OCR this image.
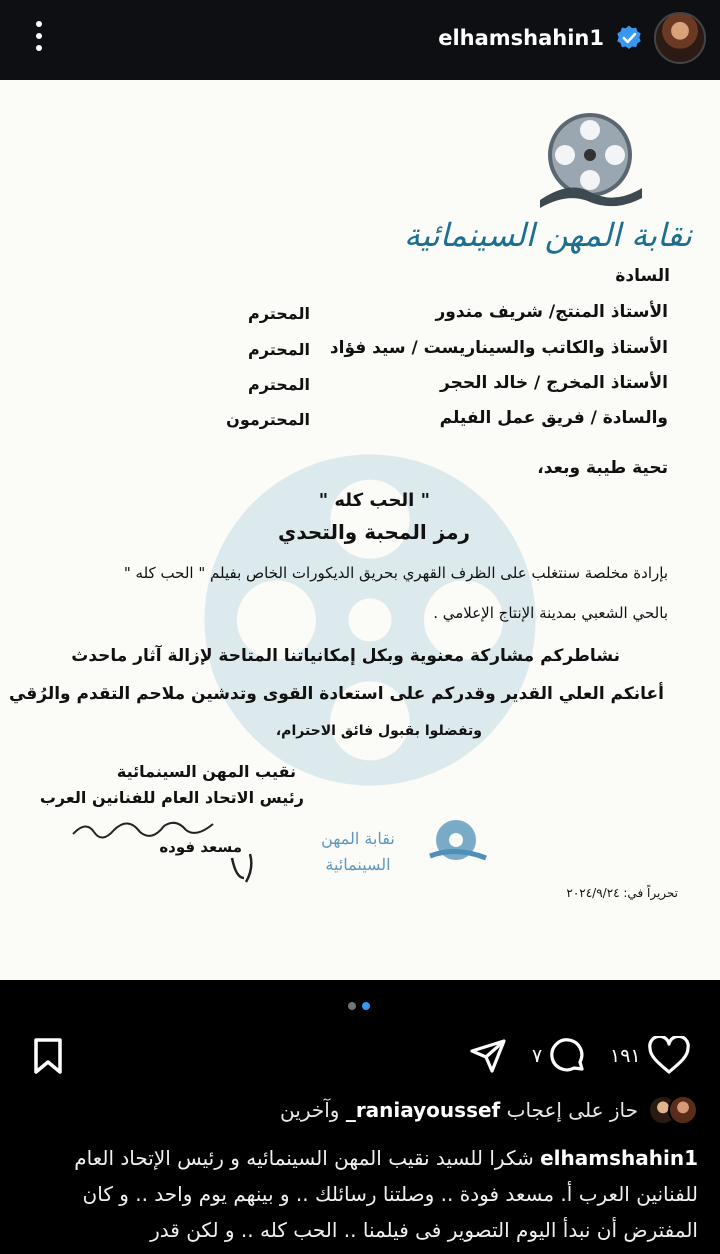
elhamshahin1
نقابة المهن السينمائية
السادة
الأستاذ المنتج/ شريف مندور
المحترم
الأستاذ والكاتب والسيناريست / سيد فؤاد
المحترم
الأستاذ المخرج / خالد الحجر
المحترم
والسادة / فريق عمل الفيلم
المحترمون
تحية طيبة وبعد،
" الحب كله "
رمز المحبة والتحدي
بإرادة مخلصة سنتغلب على الظرف القهري بحريق الديكورات الخاص بفيلم " الحب كله "
بالحي الشعبي بمدينة الإنتاج الإعلامي .
نشاطركم مشاركة معنوية وبكل إمكانياتنا المتاحة لإزالة آثار ماحدث
أعانكم العلي القدير وقدركم على استعادة القوى وتدشين ملاحم التقدم والرُقي
وتفضلوا بقبول فائق الاحترام،
نقيب المهن السينمائية
رئيس الاتحاد العام للفنانين العرب
مسعد فوده	نقابة المهن السينمائية
تحريراً في: ٢٠٢٤/٩/٢٤
٧	١٩١
حاز على إعجاب raniayoussef_ وآخرين
elhamshahin1 شكرا للسيد نقيب المهن السينمائيه و رئيس الإتحاد العام للفنانين العرب أ. مسعد فودة .. وصلتنا رسائلك .. و بينهم يوم واحد .. و كان المفترض أن نبدأ اليوم التصوير فى فيلمنا .. الحب كله .. و لكن قدر
